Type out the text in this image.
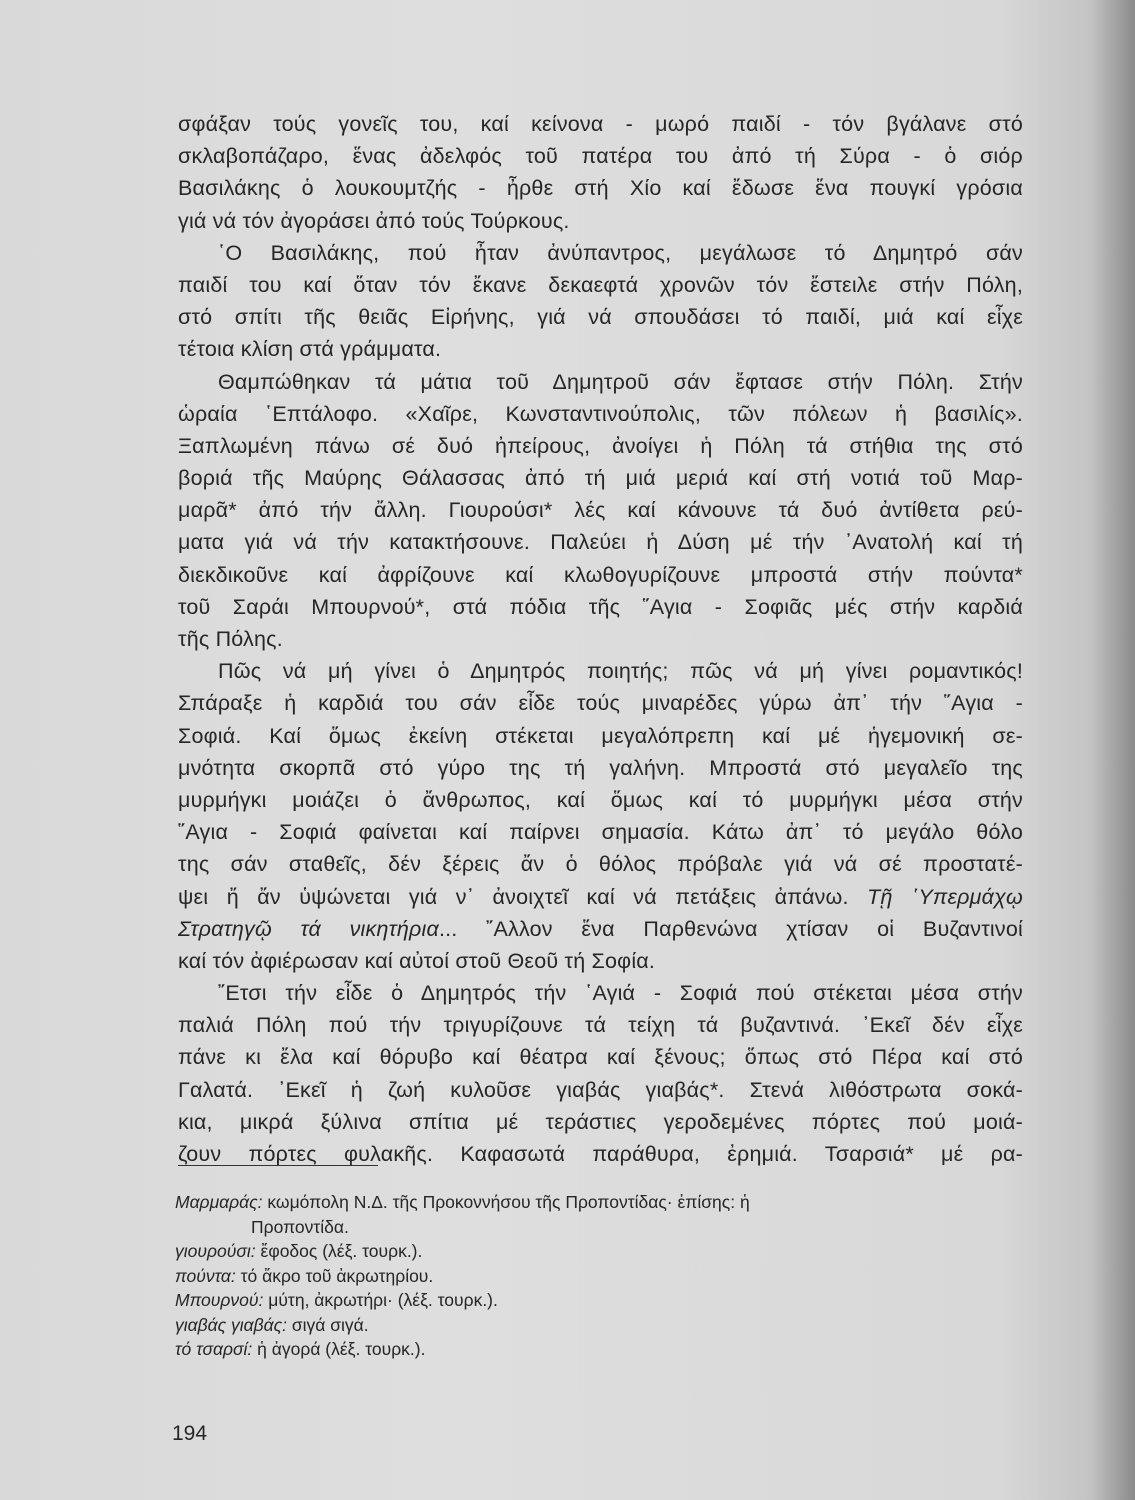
σφάξαν τούς γονεῖς του, καί κείνονα - μωρό παιδί - τόν βγάλανε στό
σκλαβοπάζαρο, ἕνας ἀδελφός τοῦ πατέρα του ἀπό τή Σύρα - ὁ σιόρ
Βασιλάκης ὁ λουκουμτζής - ἦρθε στή Χίο καί ἔδωσε ἕνα πουγκί γρόσια
γιά νά τόν ἀγοράσει ἀπό τούς Τούρκους.
῾Ο Βασιλάκης, πού ἦταν ἀνύπαντρος, μεγάλωσε τό Δημητρό σάν
παιδί του καί ὅταν τόν ἔκανε δεκαεφτά χρονῶν τόν ἔστειλε στήν Πόλη,
στό σπίτι τῆς θειᾶς Εἰρήνης, γιά νά σπουδάσει τό παιδί, μιά καί εἶχε
τέτοια κλίση στά γράμματα.
Θαμπώθηκαν τά μάτια τοῦ Δημητροῦ σάν ἔφτασε στήν Πόλη. Στήν
ὡραία ῾Επτάλοφο. «Χαῖρε, Κωνσταντινούπολις, τῶν πόλεων ἡ βασιλίς».
Ξαπλωμένη πάνω σέ δυό ἠπείρους, ἀνοίγει ἡ Πόλη τά στήθια της στό
βοριά τῆς Μαύρης Θάλασσας ἀπό τή μιά μεριά καί στή νοτιά τοῦ Μαρ-
μαρᾶ* ἀπό τήν ἄλλη. Γιουρούσι* λές καί κάνουνε τά δυό ἀντίθετα ρεύ-
ματα γιά νά τήν κατακτήσουνε. Παλεύει ἡ Δύση μέ τήν ᾿Ανατολή καί τή
διεκδικοῦνε καί ἀφρίζουνε καί κλωθογυρίζουνε μπροστά στήν πούντα*
τοῦ Σαράι Μπουρνού*, στά πόδια τῆς ῞Αγια - Σοφιᾶς μές στήν καρδιά
τῆς Πόλης.
Πῶς νά μή γίνει ὁ Δημητρός ποιητής; πῶς νά μή γίνει ρομαντικός!
Σπάραξε ἡ καρδιά του σάν εἶδε τούς μιναρέδες γύρω ἀπ᾿ τήν ῞Αγια -
Σοφιά. Καί ὅμως ἐκείνη στέκεται μεγαλόπρεπη καί μέ ἡγεμονική σε-
μνότητα σκορπᾶ στό γύρο της τή γαλήνη. Μπροστά στό μεγαλεῖο της
μυρμήγκι μοιάζει ὁ ἄνθρωπος, καί ὅμως καί τό μυρμήγκι μέσα στήν
῞Αγια - Σοφιά φαίνεται καί παίρνει σημασία. Κάτω ἀπ᾿ τό μεγάλο θόλο
της σάν σταθεῖς, δέν ξέρεις ἄν ὁ θόλος πρόβαλε γιά νά σέ προστατέ-
ψει ἤ ἄν ὑψώνεται γιά ν᾿ ἀνοιχτεῖ καί νά πετάξεις ἀπάνω. Τῇ ῾Υπερμάχῳ
Στρατηγῷ τά νικητήρια... ῎Αλλον ἕνα Παρθενώνα χτίσαν οἱ Βυζαντινοί
καί τόν ἀφιέρωσαν καί αὐτοί στοῦ Θεοῦ τή Σοφία.
῎Ετσι τήν εἶδε ὁ Δημητρός τήν ῾Αγιά - Σοφιά πού στέκεται μέσα στήν
παλιά Πόλη πού τήν τριγυρίζουνε τά τείχη τά βυζαντινά. ᾿Εκεῖ δέν εἶχε
πάνε κι ἔλα καί θόρυβο καί θέατρα καί ξένους; ὅπως στό Πέρα καί στό
Γαλατά. ᾿Εκεῖ ἡ ζωή κυλοῦσε γιαβάς γιαβάς*. Στενά λιθόστρωτα σοκά-
κια, μικρά ξύλινα σπίτια μέ τεράστιες γεροδεμένες πόρτες πού μοιά-
ζουν πόρτες φυλακῆς. Καφασωτά παράθυρα, ἐρημιά. Τσαρσιά* μέ ρα-
Μαρμαράς: κωμόπολη Ν.Δ. τῆς Προκοννήσου τῆς Προποντίδας· ἐπίσης: ἡ
Προποντίδα.
γιουρούσι: ἔφοδος (λέξ. τουρκ.).
πούντα: τό ἄκρο τοῦ ἀκρωτηρίου.
Μπουρνού: μύτη, ἀκρωτήρι· (λέξ. τουρκ.).
γιαβάς γιαβάς: σιγά σιγά.
τό τσαρσί: ἡ ἀγορά (λέξ. τουρκ.).
194
